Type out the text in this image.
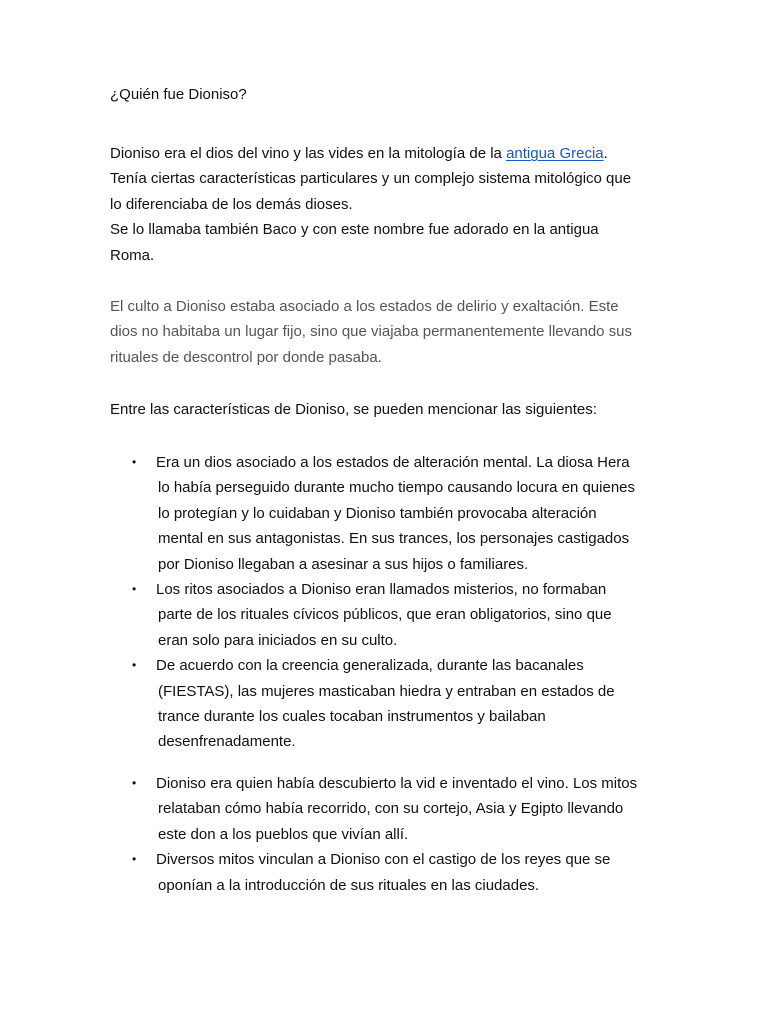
¿Quién fue Dioniso?
Dioniso era el dios del vino y las vides en la mitología de la antigua Grecia.
Tenía ciertas características particulares y un complejo sistema mitológico que
lo diferenciaba de los demás dioses.
Se lo llamaba también Baco y con este nombre fue adorado en la antigua
Roma.
El culto a Dioniso estaba asociado a los estados de delirio y exaltación. Este
dios no habitaba un lugar fijo, sino que viajaba permanentemente llevando sus
rituales de descontrol por donde pasaba.
Entre las características de Dioniso, se pueden mencionar las siguientes:
• Era un dios asociado a los estados de alteración mental. La diosa Hera
lo había perseguido durante mucho tiempo causando locura en quienes
lo protegían y lo cuidaban y Dioniso también provocaba alteración
mental en sus antagonistas. En sus trances, los personajes castigados
por Dioniso llegaban a asesinar a sus hijos o familiares.
• Los ritos asociados a Dioniso eran llamados misterios, no formaban
parte de los rituales cívicos públicos, que eran obligatorios, sino que
eran solo para iniciados en su culto.
• De acuerdo con la creencia generalizada, durante las bacanales
(FIESTAS), las mujeres masticaban hiedra y entraban en estados de
trance durante los cuales tocaban instrumentos y bailaban
desenfrenadamente.
• Dioniso era quien había descubierto la vid e inventado el vino. Los mitos
relataban cómo había recorrido, con su cortejo, Asia y Egipto llevando
este don a los pueblos que vivían allí.
• Diversos mitos vinculan a Dioniso con el castigo de los reyes que se
oponían a la introducción de sus rituales en las ciudades.
